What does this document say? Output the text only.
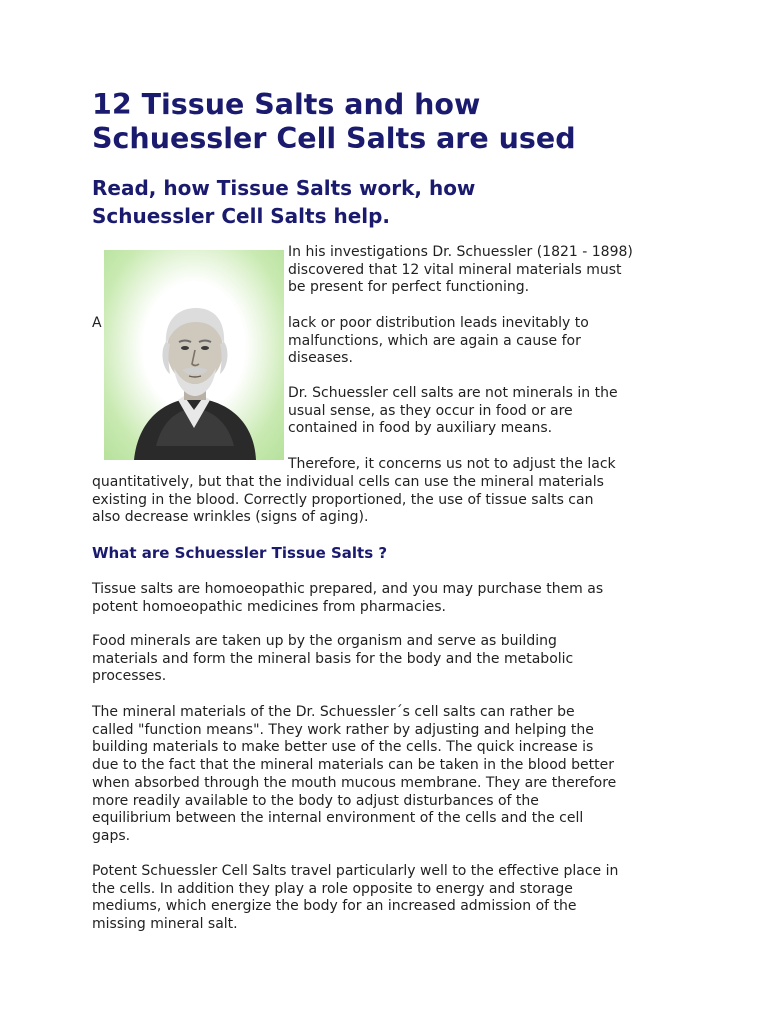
12 Tissue Salts and how
Schuessler Cell Salts are used
Read, how Tissue Salts work, how
Schuessler Cell Salts help.
In his investigations Dr. Schuessler (1821 - 1898)
discovered that 12 vital mineral materials must
be present for perfect functioning.
A	lack or poor distribution leads inevitably to
malfunctions, which are again a cause for
diseases.
Dr. Schuessler cell salts are not minerals in the
usual sense, as they occur in food or are
contained in food by auxiliary means.
Therefore, it concerns us not to adjust the lack
quantitatively, but that the individual cells can use the mineral materials
existing in the blood. Correctly proportioned, the use of tissue salts can
also decrease wrinkles (signs of aging).
What are Schuessler Tissue Salts ?
Tissue salts are homoeopathic prepared, and you may purchase them as
potent homoeopathic medicines from pharmacies.
Food minerals are taken up by the organism and serve as building
materials and form the mineral basis for the body and the metabolic
processes.
The mineral materials of the Dr. Schuessler´s cell salts can rather be
called "function means". They work rather by adjusting and helping the
building materials to make better use of the cells. The quick increase is
due to the fact that the mineral materials can be taken in the blood better
when absorbed through the mouth mucous membrane. They are therefore
more readily available to the body to adjust disturbances of the
equilibrium between the internal environment of the cells and the cell
gaps.
Potent Schuessler Cell Salts travel particularly well to the effective place in
the cells. In addition they play a role opposite to energy and storage
mediums, which energize the body for an increased admission of the
missing mineral salt.
